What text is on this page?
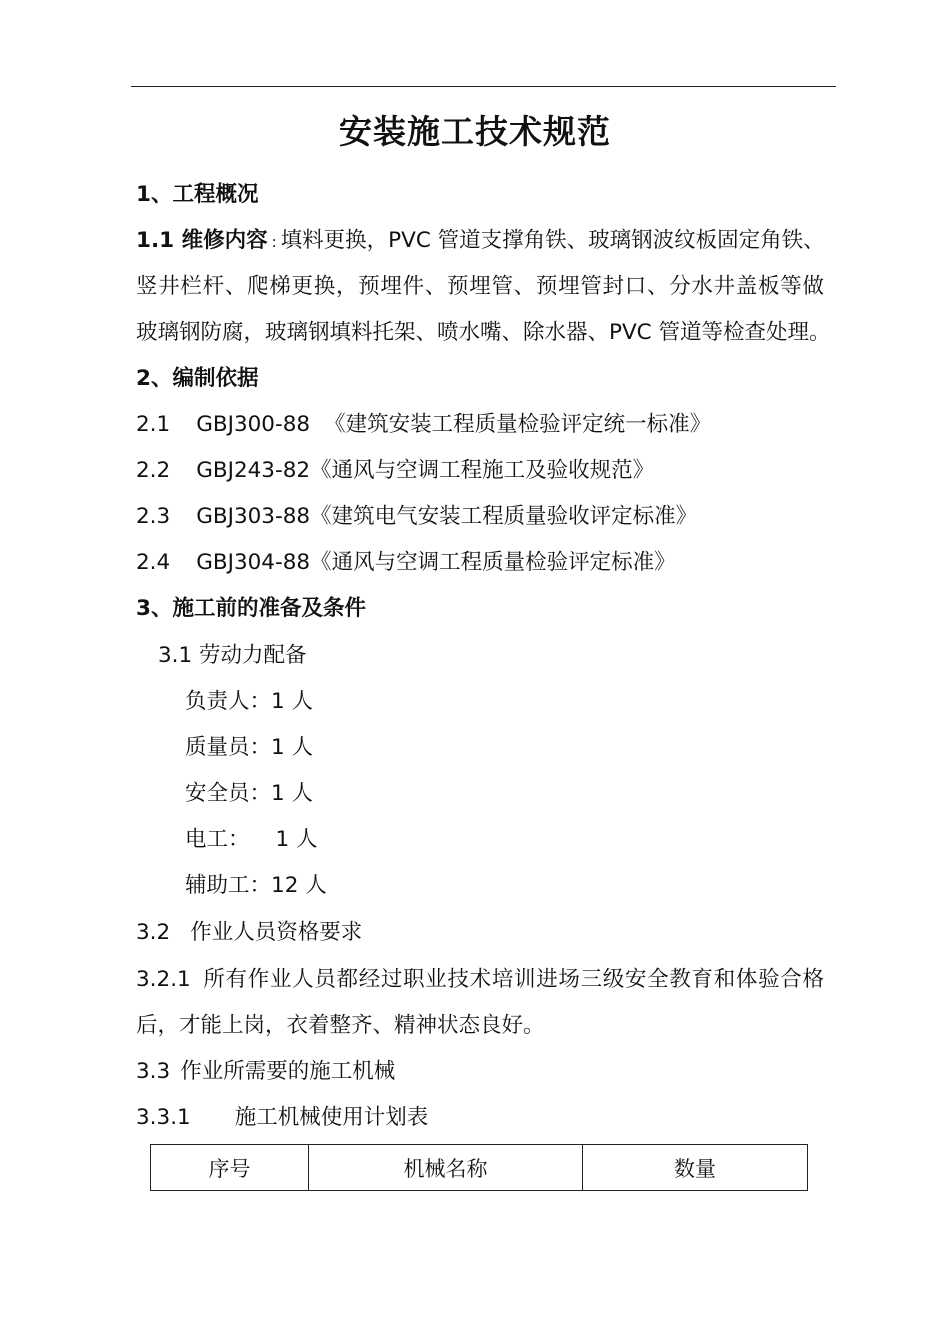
安装施工技术规范
1、工程概况
1.1 维修内容 : 填料更换，PVC 管道支撑角铁、玻璃钢波纹板固定角铁、
竖井栏杆、爬梯更换，预埋件、预埋管、预埋管封口、分水井盖板等做
玻璃钢防腐，玻璃钢填料托架、喷水嘴、除水器、PVC 管道等检查处理。
2、编制依据
2.1 GBJ300-88 《建筑安装工程质量检验评定统一标准》
2.2 GBJ243-82《通风与空调工程施工及验收规范》
2.3 GBJ303-88《建筑电气安装工程质量验收评定标准》
2.4 GBJ304-88《通风与空调工程质量检验评定标准》
3、施工前的准备及条件
3.1 劳动力配备
负责人：1 人
质量员：1 人
安全员：1 人
电工： 1 人
辅助工：12 人
3.2 作业人员资格要求
3.2.1 所有作业人员都经过职业技术培训进场三级安全教育和体验合格
后，才能上岗，衣着整齐、精神状态良好。
3.3 作业所需要的施工机械
3.3.1 施工机械使用计划表
序号	机械名称	数量
